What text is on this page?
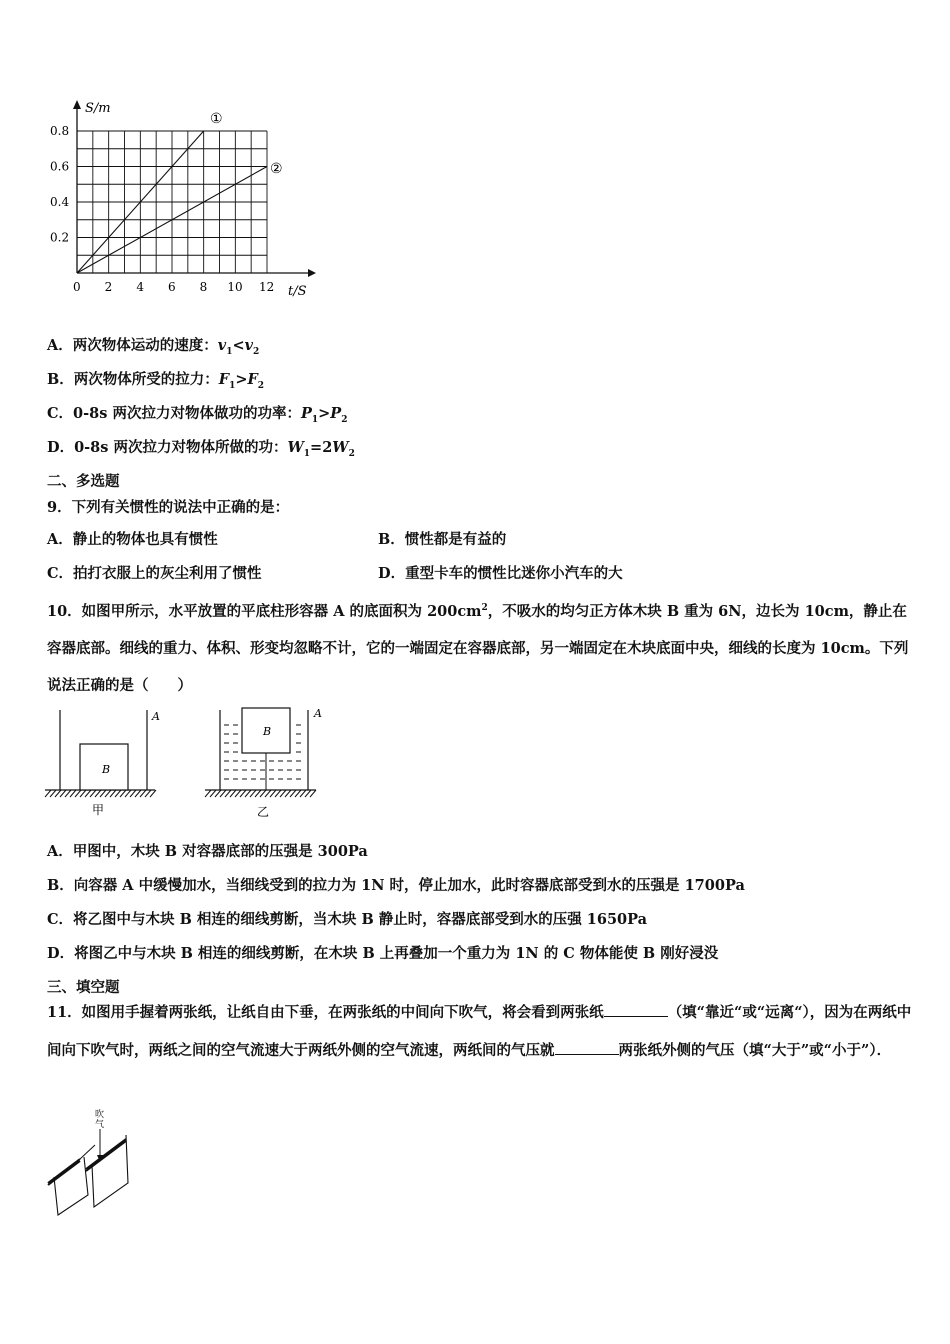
S/m
t/S
0.8
0.6
0.4
0.2
0 2 4 6 8 10 12
①
②
A．两次物体运动的速度：$v_1<v_2$
B．两次物体所受的拉力：$F_1>F_2$
C．0-8s 两次拉力对物体做功的功率：$P_1>P_2$
D．0-8s 两次拉力对物体所做的功：$W_1=2W_2$
二、多选题
9．下列有关惯性的说法中正确的是：
A．静止的物体也具有惯性	B．惯性都是有益的
C．拍打衣服上的灰尘利用了惯性	D．重型卡车的惯性比迷你小汽车的大
10．如图甲所示，水平放置的平底柱形容器 A 的底面积为 $200cm^2$，不吸水的均匀正方体木块 B 重为 6N，边长为 10cm，静止在容器底部。细线的重力、体积、形变均忽略不计，它的一端固定在容器底部，另一端固定在木块底面中央，细线的长度为 10cm。下列说法正确的是（　　）
B
A
甲
B
A
乙
A．甲图中，木块 B 对容器底部的压强是 300Pa
B．向容器 A 中缓慢加水，当细线受到的拉力为 1N 时，停止加水，此时容器底部受到水的压强是 1700Pa
C．将乙图中与木块 B 相连的细线剪断，当木块 B 静止时，容器底部受到水的压强 1650Pa
D．将图乙中与木块 B 相连的细线剪断，在木块 B 上再叠加一个重力为 1N 的 C 物体能使 B 刚好浸没
三、填空题
11．如图用手握着两张纸，让纸自由下垂，在两张纸的中间向下吹气，将会看到两张纸	（填“靠近“或“远离“），因为在两纸中间向下吹气时，两纸之间的空气流速大于两纸外侧的空气流速，两纸间的气压就	两张纸外侧的气压（填“大于”或“小于”）．
吹
气
